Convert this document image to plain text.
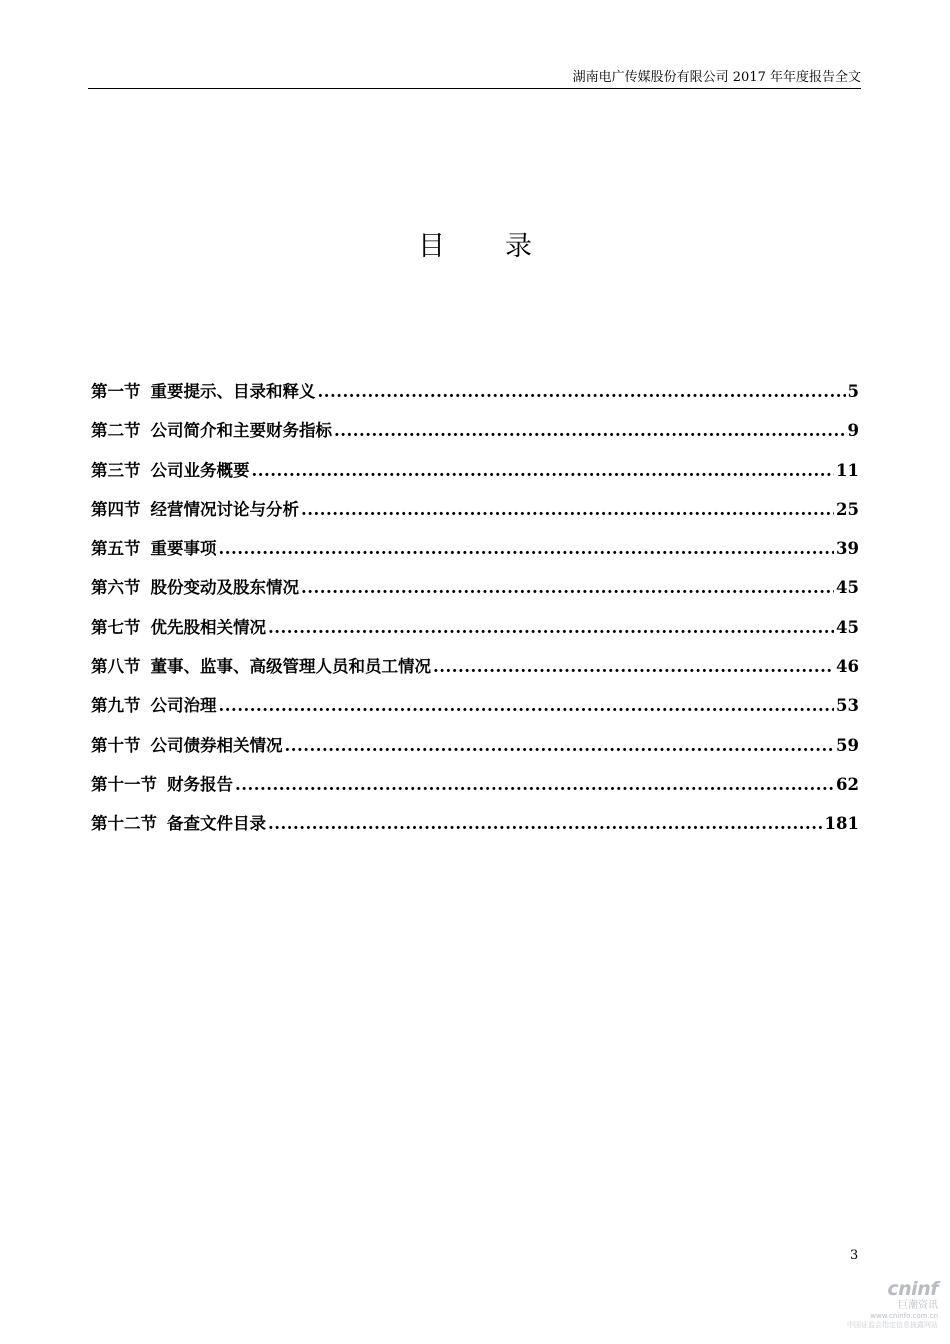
湖南电广传媒股份有限公司 2017 年年度报告全文
目 录
第一节 重要提示、目录和释义 .....	5
第二节 公司简介和主要财务指标 .....	9
第三节 公司业务概要 .....	11
第四节 经营情况讨论与分析 .....	25
第五节 重要事项 .....	39
第六节 股份变动及股东情况 .....	45
第七节 优先股相关情况 .....	45
第八节 董事、监事、高级管理人员和员工情况 .....	46
第九节 公司治理 .....	53
第十节 公司债券相关情况 .....	59
第十一节 财务报告 .....	62
第十二节 备查文件目录 .....	181
3
cninf
巨潮资讯
www.cninfo.com.cn
中国证监会指定信息披露网站
